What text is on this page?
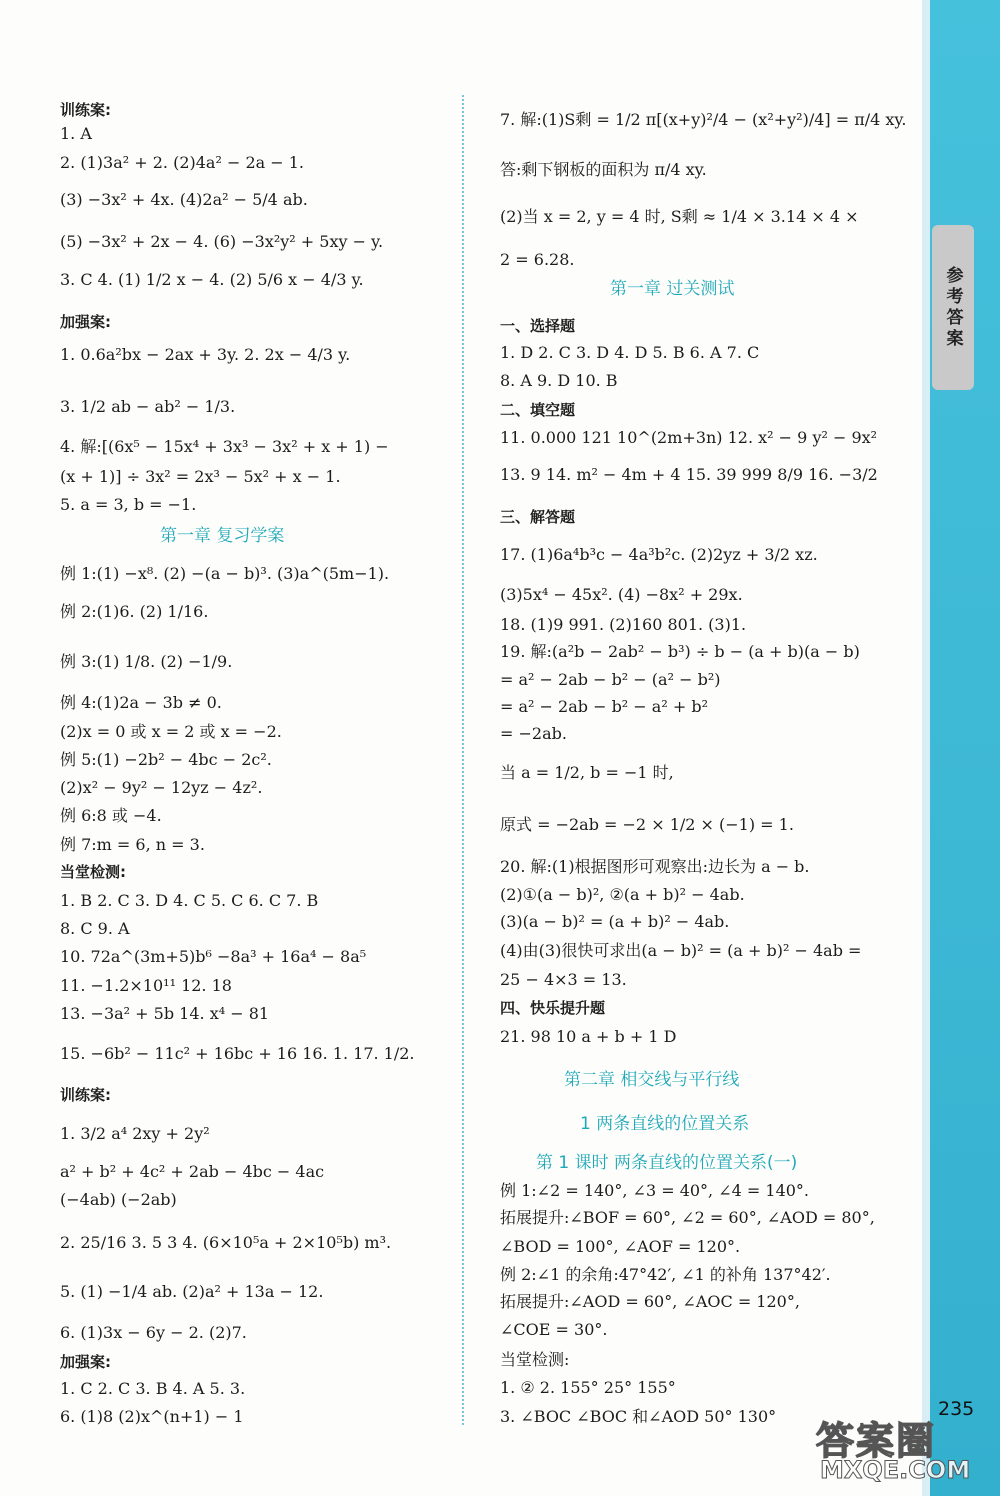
参考答案
训练案:
1. A
2. (1)3a² + 2. (2)4a² − 2a − 1.
(3) −3x² + 4x. (4)2a² − 5/4 ab.
(5) −3x² + 2x − 4. (6) −3x²y² + 5xy − y.
3. C 4. (1) 1/2 x − 4. (2) 5/6 x − 4/3 y.
加强案:
1. 0.6a²bx − 2ax + 3y. 2. 2x − 4/3 y.
3. 1/2 ab − ab² − 1/3.
4. 解:[(6x⁵ − 15x⁴ + 3x³ − 3x² + x + 1) −
(x + 1)] ÷ 3x² = 2x³ − 5x² + x − 1.
5. a = 3, b = −1.
第一章 复习学案
例 1:(1) −x⁸. (2) −(a − b)³. (3)a^(5m−1).
例 2:(1)6. (2) 1/16.
例 3:(1) 1/8. (2) −1/9.
例 4:(1)2a − 3b ≠ 0.
(2)x = 0 或 x = 2 或 x = −2.
例 5:(1) −2b² − 4bc − 2c².
(2)x² − 9y² − 12yz − 4z².
例 6:8 或 −4.
例 7:m = 6, n = 3.
当堂检测:
1. B 2. C 3. D 4. C 5. C 6. C 7. B
8. C 9. A
10. 72a^(3m+5)b⁶ −8a³ + 16a⁴ − 8a⁵
11. −1.2×10¹¹ 12. 18
13. −3a² + 5b 14. x⁴ − 81
15. −6b² − 11c² + 16bc + 16 16. 1. 17. 1/2.
训练案:
1. 3/2 a⁴ 2xy + 2y²
a² + b² + 4c² + 2ab − 4bc − 4ac
(−4ab) (−2ab)
2. 25/16 3. 5 3 4. (6×10⁵a + 2×10⁵b) m³.
5. (1) −1/4 ab. (2)a² + 13a − 12.
6. (1)3x − 6y − 2. (2)7.
加强案:
1. C 2. C 3. B 4. A 5. 3.
6. (1)8 (2)x^(n+1) − 1
7. 解:(1)S剩 = 1/2 π[(x+y)²/4 − (x²+y²)/4] = π/4 xy.
答:剩下钢板的面积为 π/4 xy.
(2)当 x = 2, y = 4 时, S剩 ≈ 1/4 × 3.14 × 4 ×
2 = 6.28.
第一章 过关测试
一、选择题
1. D 2. C 3. D 4. D 5. B 6. A 7. C
8. A 9. D 10. B
二、填空题
11. 0.000 121 10^(2m+3n) 12. x² − 9 y² − 9x²
13. 9 14. m² − 4m + 4 15. 39 999 8/9 16. −3/2
三、解答题
17. (1)6a⁴b³c − 4a³b²c. (2)2yz + 3/2 xz.
(3)5x⁴ − 45x². (4) −8x² + 29x.
18. (1)9 991. (2)160 801. (3)1.
19. 解:(a²b − 2ab² − b³) ÷ b − (a + b)(a − b)
= a² − 2ab − b² − (a² − b²)
= a² − 2ab − b² − a² + b²
= −2ab.
当 a = 1/2, b = −1 时,
原式 = −2ab = −2 × 1/2 × (−1) = 1.
20. 解:(1)根据图形可观察出:边长为 a − b.
(2)①(a − b)², ②(a + b)² − 4ab.
(3)(a − b)² = (a + b)² − 4ab.
(4)由(3)很快可求出(a − b)² = (a + b)² − 4ab =
25 − 4×3 = 13.
四、快乐提升题
21. 98 10 a + b + 1 D
第二章 相交线与平行线
1 两条直线的位置关系
第 1 课时 两条直线的位置关系(一)
例 1:∠2 = 140°, ∠3 = 40°, ∠4 = 140°.
拓展提升:∠BOF = 60°, ∠2 = 60°, ∠AOD = 80°,
∠BOD = 100°, ∠AOF = 120°.
例 2:∠1 的余角:47°42′, ∠1 的补角 137°42′.
拓展提升:∠AOD = 60°, ∠AOC = 120°,
∠COE = 30°.
当堂检测:
1. ② 2. 155° 25° 155°
3. ∠BOC ∠BOC 和∠AOD 50° 130°	235
答案圈
MXQE.COM
